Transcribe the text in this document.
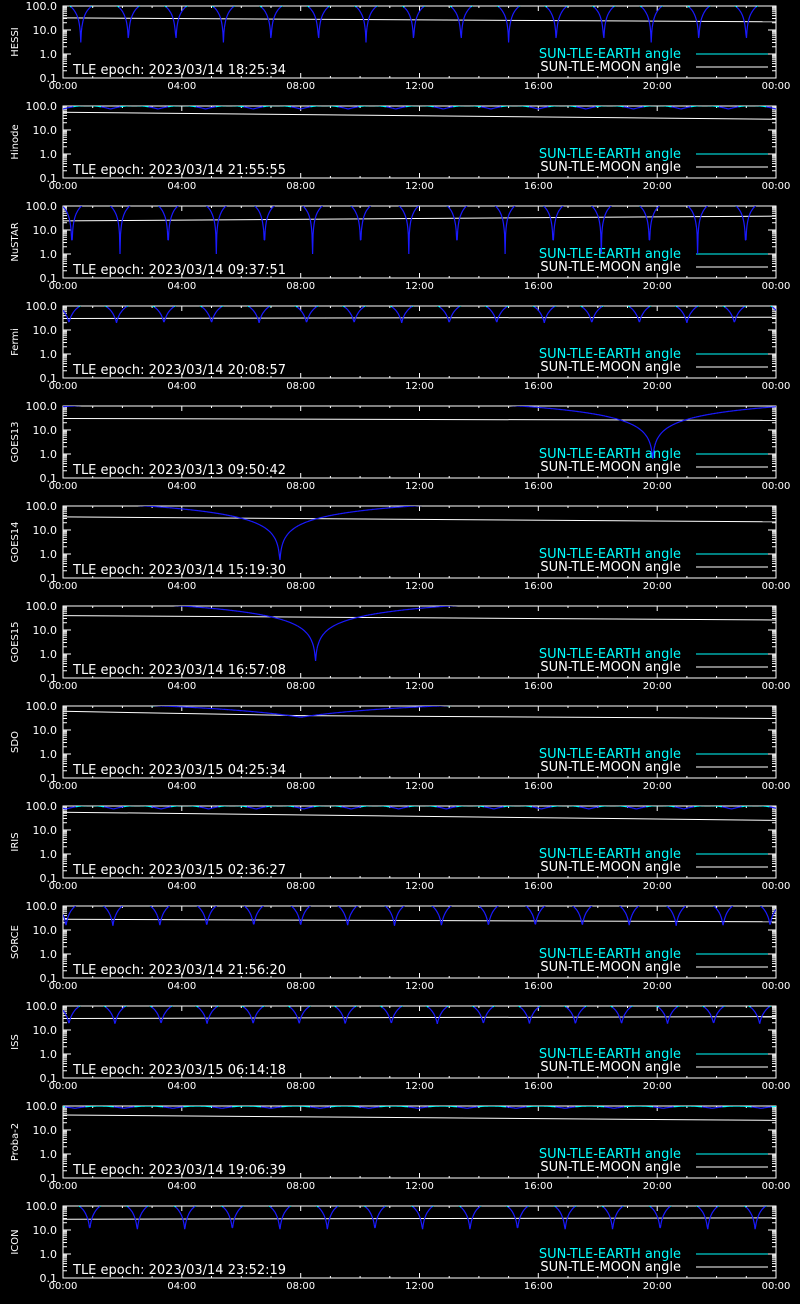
0.1
1.0
10.0
100.0
00:00	04:00	08:00	12:00	16:00	20:00	00:00
HESSI
TLE epoch: 2023/03/14 18:25:34
SUN-TLE-EARTH angle
SUN-TLE-MOON angle
0.1
1.0
10.0
100.0
00:00	04:00	08:00	12:00	16:00	20:00	00:00
Hinode
TLE epoch: 2023/03/14 21:55:55
SUN-TLE-EARTH angle
SUN-TLE-MOON angle
0.1
1.0
10.0
100.0
00:00	04:00	08:00	12:00	16:00	20:00	00:00
NuSTAR
TLE epoch: 2023/03/14 09:37:51
SUN-TLE-EARTH angle
SUN-TLE-MOON angle
0.1
1.0
10.0
100.0
00:00	04:00	08:00	12:00	16:00	20:00	00:00
Fermi
TLE epoch: 2023/03/14 20:08:57
SUN-TLE-EARTH angle
SUN-TLE-MOON angle
0.1
1.0
10.0
100.0
00:00	04:00	08:00	12:00	16:00	20:00	00:00
GOES13
TLE epoch: 2023/03/13 09:50:42
SUN-TLE-EARTH angle
SUN-TLE-MOON angle
0.1
1.0
10.0
100.0
00:00	04:00	08:00	12:00	16:00	20:00	00:00
GOES14
TLE epoch: 2023/03/14 15:19:30
SUN-TLE-EARTH angle
SUN-TLE-MOON angle
0.1
1.0
10.0
100.0
00:00	04:00	08:00	12:00	16:00	20:00	00:00
GOES15
TLE epoch: 2023/03/14 16:57:08
SUN-TLE-EARTH angle
SUN-TLE-MOON angle
0.1
1.0
10.0
100.0
00:00	04:00	08:00	12:00	16:00	20:00	00:00
SDO
TLE epoch: 2023/03/15 04:25:34
SUN-TLE-EARTH angle
SUN-TLE-MOON angle
0.1
1.0
10.0
100.0
00:00	04:00	08:00	12:00	16:00	20:00	00:00
IRIS
TLE epoch: 2023/03/15 02:36:27
SUN-TLE-EARTH angle
SUN-TLE-MOON angle
0.1
1.0
10.0
100.0
00:00	04:00	08:00	12:00	16:00	20:00	00:00
SORCE
TLE epoch: 2023/03/14 21:56:20
SUN-TLE-EARTH angle
SUN-TLE-MOON angle
0.1
1.0
10.0
100.0
00:00	04:00	08:00	12:00	16:00	20:00	00:00
ISS
TLE epoch: 2023/03/15 06:14:18
SUN-TLE-EARTH angle
SUN-TLE-MOON angle
0.1
1.0
10.0
100.0
00:00	04:00	08:00	12:00	16:00	20:00	00:00
Proba-2
TLE epoch: 2023/03/14 19:06:39
SUN-TLE-EARTH angle
SUN-TLE-MOON angle
0.1
1.0
10.0
100.0
00:00	04:00	08:00	12:00	16:00	20:00	00:00
ICON
TLE epoch: 2023/03/14 23:52:19
SUN-TLE-EARTH angle
SUN-TLE-MOON angle
